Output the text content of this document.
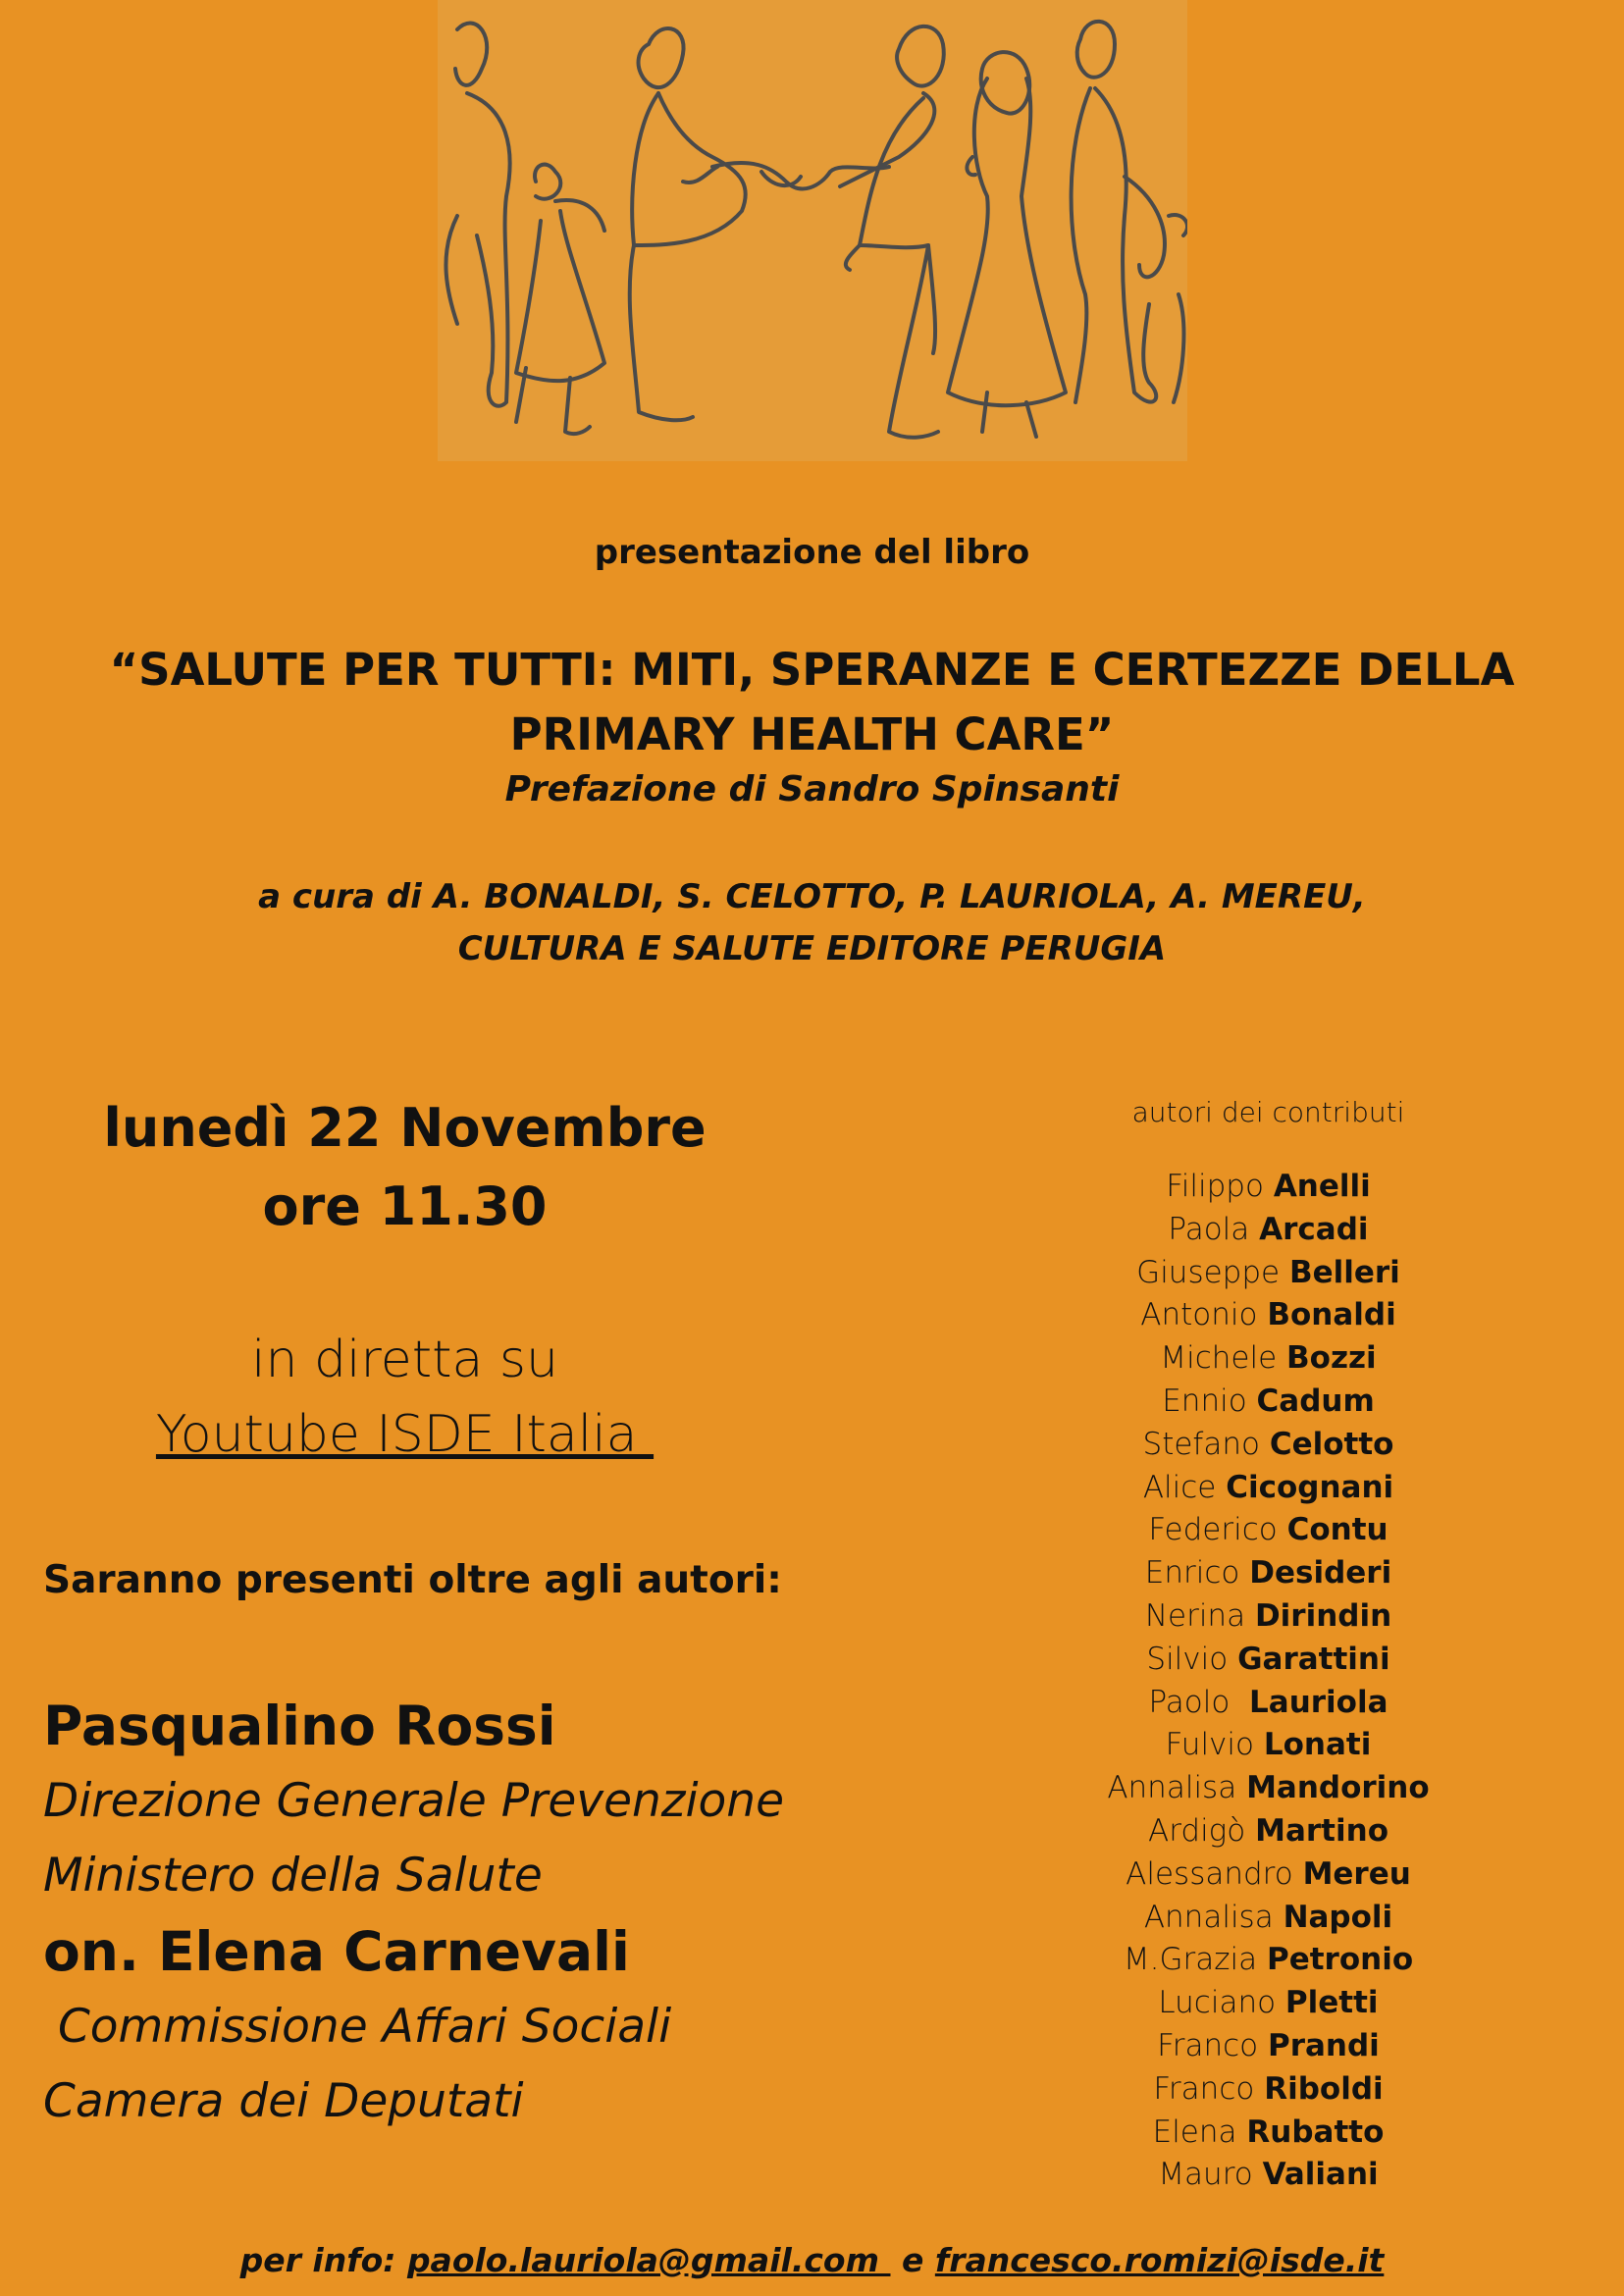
presentazione del libro
“SALUTE PER TUTTI: MITI, SPERANZE E CERTEZZE DELLA
PRIMARY HEALTH CARE”
Prefazione di Sandro Spinsanti
a cura di A. BONALDI, S. CELOTTO, P. LAURIOLA, A. MEREU,
CULTURA E SALUTE EDITORE PERUGIA
lunedì 22 Novembre
ore 11.30
in diretta su
Youtube ISDE Italia
Saranno presenti oltre agli autori:
Pasqualino Rossi
Direzione Generale Prevenzione
Ministero della Salute
on. Elena Carnevali
Commissione Affari Sociali
Camera dei Deputati
autori dei contributi
Filippo Anelli
Paola Arcadi
Giuseppe Belleri
Antonio Bonaldi
Michele Bozzi
Ennio Cadum
Stefano Celotto
Alice Cicognani
Federico Contu
Enrico Desideri
Nerina Dirindin
Silvio Garattini
Paolo  Lauriola
Fulvio Lonati
Annalisa Mandorino
Ardigò Martino
Alessandro Mereu
Annalisa Napoli
M.Grazia Petronio
Luciano Pletti
Franco Prandi
Franco Riboldi
Elena Rubatto
Mauro Valiani
per info: paolo.lauriola@gmail.com  e francesco.romizi@isde.it
